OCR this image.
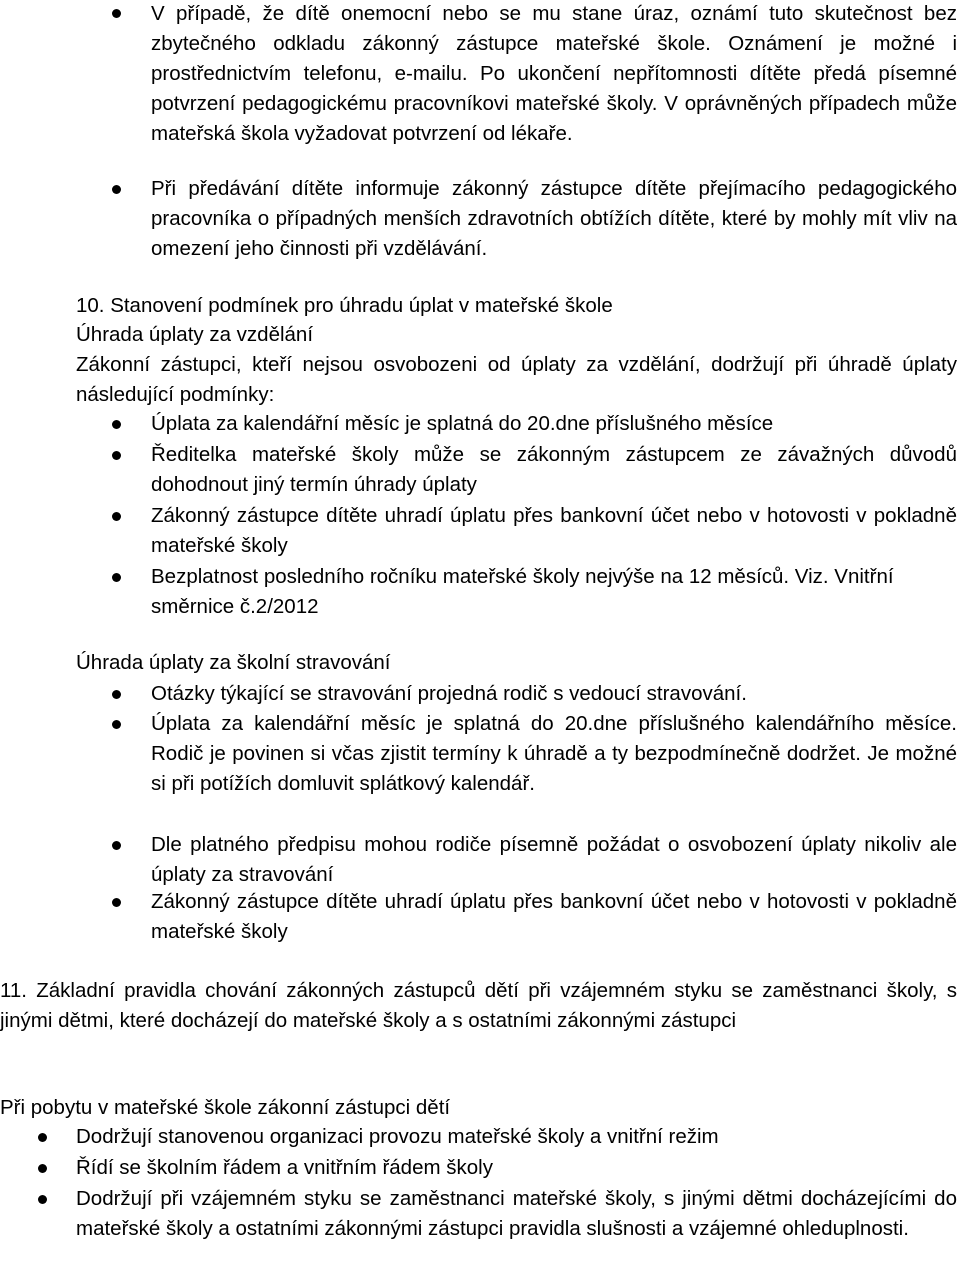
V případě, že dítě onemocní nebo se mu stane úraz, oznámí tuto skutečnost bez zbytečného odkladu zákonný zástupce mateřské škole. Oznámení je možné i prostřednictvím telefonu, e-mailu. Po ukončení nepřítomnosti dítěte předá písemné potvrzení pedagogickému pracovníkovi mateřské školy. V oprávněných případech může mateřská škola vyžadovat potvrzení od lékaře.
Při předávání dítěte informuje zákonný zástupce dítěte přejímacího pedagogického pracovníka o případných menších zdravotních obtížích dítěte, které by mohly mít vliv na omezení jeho činnosti při vzdělávání.
10. Stanovení podmínek pro úhradu úplat v mateřské škole
Úhrada úplaty za vzdělání
Zákonní zástupci, kteří nejsou osvobozeni od úplaty za vzdělání, dodržují při úhradě úplaty následující podmínky:
Úplata za kalendářní měsíc je splatná do 20.dne příslušného měsíce
Ředitelka mateřské školy může se zákonným zástupcem ze závažných důvodů dohodnout jiný termín úhrady úplaty
Zákonný zástupce dítěte uhradí úplatu přes bankovní účet nebo v hotovosti v pokladně mateřské školy
Bezplatnost posledního ročníku mateřské školy nejvýše na 12 měsíců. Viz. Vnitřní směrnice č.2/2012
Úhrada úplaty za školní stravování
Otázky týkající se stravování projedná rodič s vedoucí stravování.
Úplata za kalendářní měsíc je splatná do 20.dne příslušného kalendářního měsíce. Rodič je povinen si včas zjistit termíny k úhradě a ty bezpodmínečně dodržet. Je možné si při potížích domluvit splátkový kalendář.
Dle platného předpisu mohou rodiče písemně požádat o osvobození úplaty nikoliv ale úplaty za stravování
Zákonný zástupce dítěte uhradí úplatu přes bankovní účet nebo v hotovosti v pokladně mateřské školy
11. Základní pravidla chování zákonných zástupců dětí při vzájemném styku se zaměstnanci školy, s jinými dětmi, které docházejí do mateřské školy a s ostatními zákonnými zástupci
Při pobytu v mateřské škole zákonní zástupci dětí
Dodržují stanovenou organizaci provozu mateřské školy a vnitřní režim
Řídí se školním řádem a vnitřním řádem školy
Dodržují při vzájemném styku se zaměstnanci mateřské školy, s jinými dětmi docházejícími do mateřské školy a ostatními zákonnými zástupci pravidla slušnosti a vzájemné ohleduplnosti.
